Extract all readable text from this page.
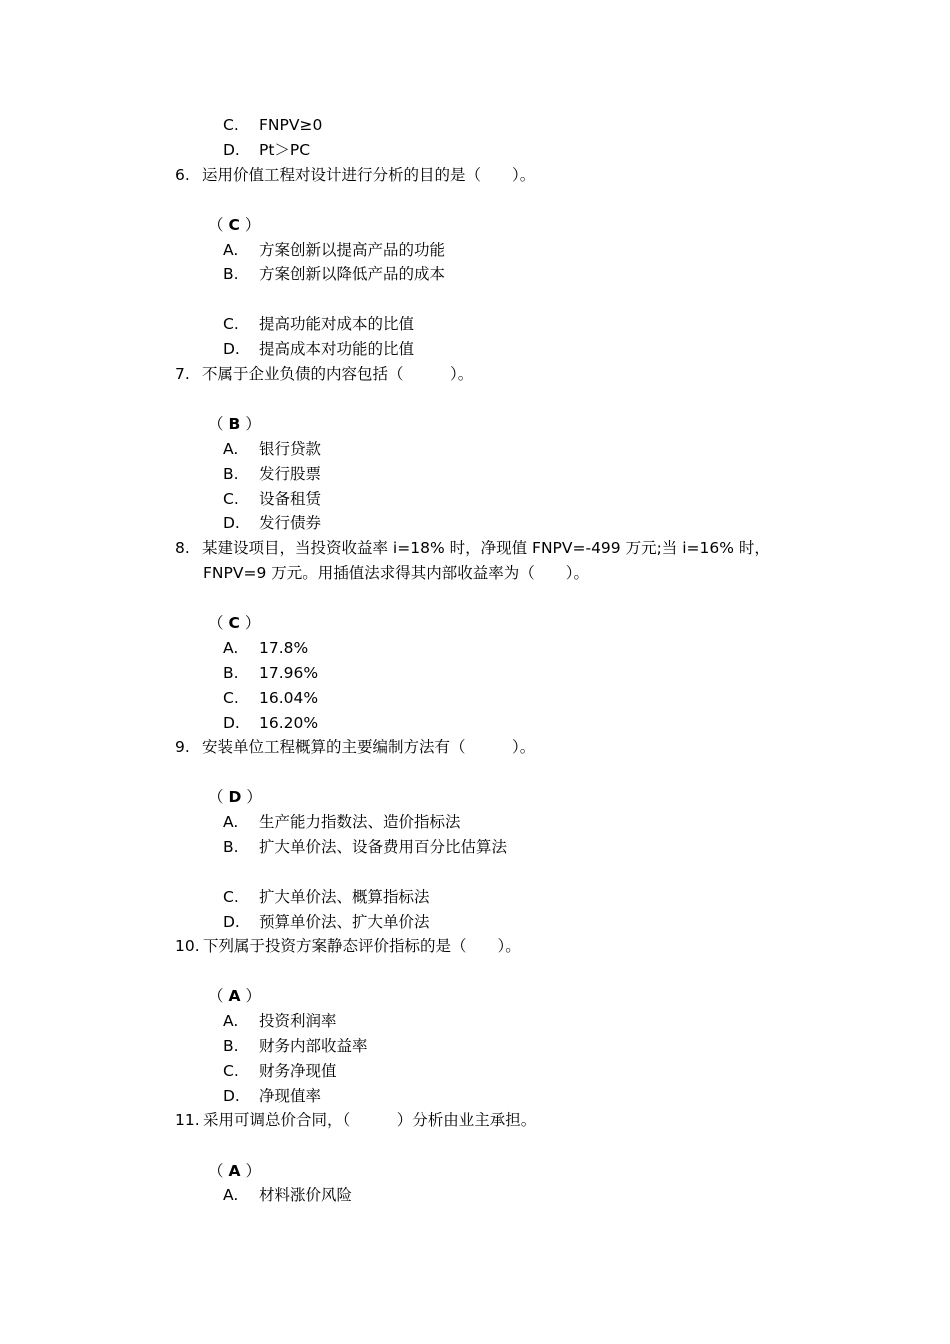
C. FNPV≥0
D. Pt＞PC
6. 运用价值工程对设计进行分析的目的是（　　）。
（ C ）
A. 方案创新以提高产品的功能
B. 方案创新以降低产品的成本
C. 提高功能对成本的比值
D. 提高成本对功能的比值
7. 不属于企业负债的内容包括（　　　）。
（ B ）
A. 银行贷款
B. 发行股票
C. 设备租赁
D. 发行债券
8. 某建设项目，当投资收益率 i=18% 时，净现值 FNPV=-499 万元;当 i=16% 时，
FNPV=9 万元。用插值法求得其内部收益率为（　　）。
（ C ）
A. 17.8%
B. 17.96%
C. 16.04%
D. 16.20%
9. 安装单位工程概算的主要编制方法有（　　　）。
（ D ）
A. 生产能力指数法、造价指标法
B. 扩大单价法、设备费用百分比估算法
C. 扩大单价法、概算指标法
D. 预算单价法、扩大单价法
10. 下列属于投资方案静态评价指标的是（　　）。
（ A ）
A. 投资利润率
B. 财务内部收益率
C. 财务净现值
D. 净现值率
11. 采用可调总价合同，（　　　）分析由业主承担。
（ A ）
A. 材料涨价风险
